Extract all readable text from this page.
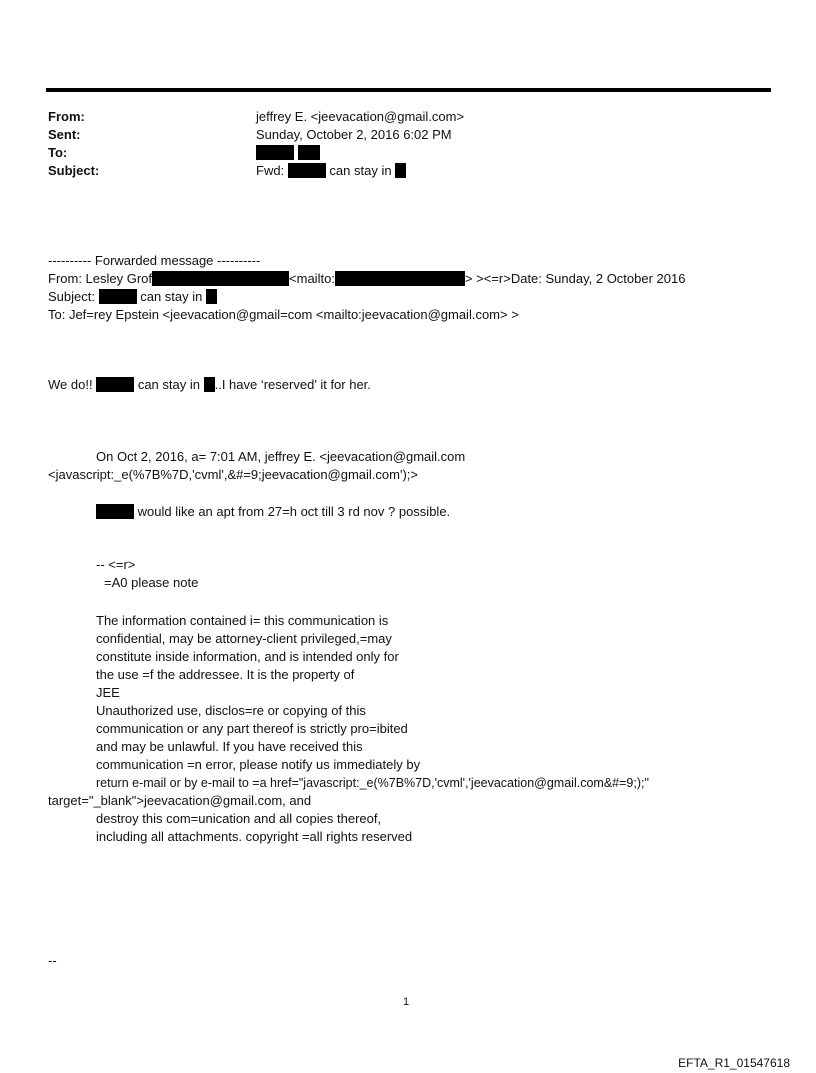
From:	jeffrey E. <jeevacation@gmail.com>
Sent:	Sunday, October 2, 2016 6:02 PM
To:
Subject:	Fwd:	can stay in
---------- Forwarded message ----------
From: Lesley Grof	<mailto:	> ><=r>Date: Sunday, 2 October 2016
Subject:	can stay in
To: Jef=rey Epstein <jeevacation@gmail=com <mailto:jeevacation@gmail.com> >
We do!!	can stay in ..I have ‘reserved’ it for her.
On Oct 2, 2016, a= 7:01 AM, jeffrey E. <jeevacation@gmail.com
<javascript:_e(%7B%7D,'cvml',&#=9;jeevacation@gmail.com');>
would like an apt from 27=h oct till 3 rd nov ? possible.
-- <=r>
=A0 please note
The information contained i= this communication is
confidential, may be attorney-client privileged,=may
constitute inside information, and is intended only for
the use =f the addressee. It is the property of
JEE
Unauthorized use, disclos=re or copying of this
communication or any part thereof is strictly pro=ibited
and may be unlawful. If you have received this
communication =n error, please notify us immediately by
return e-mail or by e-mail to =a href="javascript:_e(%7B%7D,'cvml','jeevacation@gmail.com&#=9;);"
target="_blank">jeevacation@gmail.com, and
destroy this com=unication and all copies thereof,
including all attachments. copyright =all rights reserved
--
1
EFTA_R1_01547618
